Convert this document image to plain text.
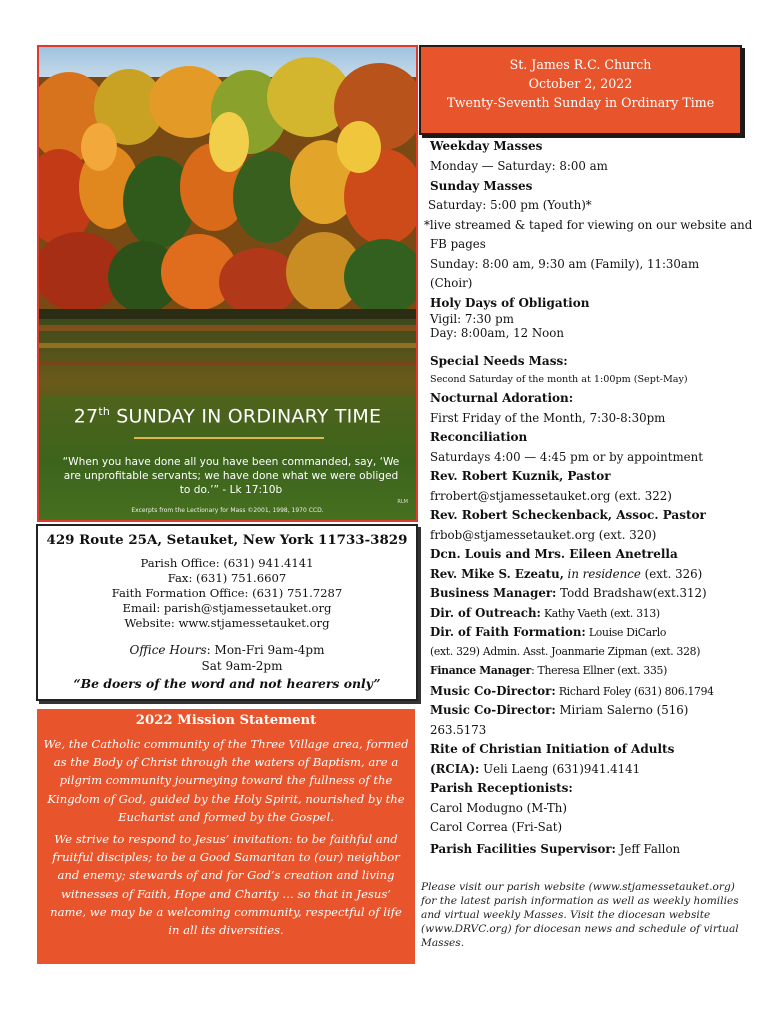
27th SUNDAY IN ORDINARY TIME
“When you have done all you have been commanded, say, ‘We are unprofitable servants; we have done what we were obliged to do.’” - Lk 17:10b
Excerpts from the Lectionary for Mass ©2001, 1998, 1970 CCD.
RLM
St. James R.C. Church
October 2, 2022
Twenty-Seventh Sunday in Ordinary Time
429 Route 25A, Setauket, New York 11733-3829
Parish Office: (631) 941.4141
Fax: (631) 751.6607
Faith Formation Office: (631) 751.7287
Email: parish@stjamessetauket.org
Website: www.stjamessetauket.org
Office Hours: Mon-Fri 9am-4pm
Sat 9am-2pm
“Be doers of the word and not hearers only”
2022 Mission Statement
We, the Catholic community of the Three Village area, formed as the Body of Christ through the waters of Baptism, are a pilgrim community journeying toward the fullness of the Kingdom of God, guided by the Holy Spirit, nourished by the Eucharist and formed by the Gospel.
We strive to respond to Jesus’ invitation: to be faithful and fruitful disciples; to be a Good Samaritan to (our) neighbor and enemy; stewards of and for God’s creation and living witnesses of Faith, Hope and Charity … so that in Jesus’ name, we may be a welcoming community, respectful of life in all its diversities.
Weekday Masses
Monday — Saturday: 8:00 am
Sunday Masses
Saturday: 5:00 pm (Youth)*
*live streamed & taped for viewing on our website and
FB pages
Sunday: 8:00 am, 9:30 am (Family), 11:30am
(Choir)
Holy Days of Obligation
Vigil: 7:30 pm
Day: 8:00am, 12 Noon
Special Needs Mass:
Second Saturday of the month at 1:00pm (Sept-May)
Nocturnal Adoration:
First Friday of the Month, 7:30-8:30pm
Reconciliation
Saturdays 4:00 — 4:45 pm or by appointment
Rev. Robert Kuznik, Pastor
frrobert@stjamessetauket.org (ext. 322)
Rev. Robert Scheckenback, Assoc. Pastor
frbob@stjamessetauket.org (ext. 320)
Dcn. Louis and Mrs. Eileen Anetrella
Rev. Mike S. Ezeatu, in residence (ext. 326)
Business Manager: Todd Bradshaw(ext.312)
Dir. of Outreach: Kathy Vaeth (ext. 313)
Dir. of Faith Formation: Louise DiCarlo
(ext. 329) Admin. Asst. Joanmarie Zipman (ext. 328)
Finance Manager: Theresa Ellner (ext. 335)
Music Co-Director: Richard Foley (631) 806.1794
Music Co-Director: Miriam Salerno (516)
263.5173
Rite of Christian Initiation of Adults
(RCIA): Ueli Laeng (631)941.4141
Parish Receptionists:
Carol Modugno (M-Th)
Carol Correa (Fri-Sat)
Parish Facilities Supervisor: Jeff Fallon
Please visit our parish website (www.stjamessetauket.org) for the latest parish information as well as weekly homilies and virtual weekly Masses. Visit the diocesan website (www.DRVC.org) for diocesan news and schedule of virtual Masses.
